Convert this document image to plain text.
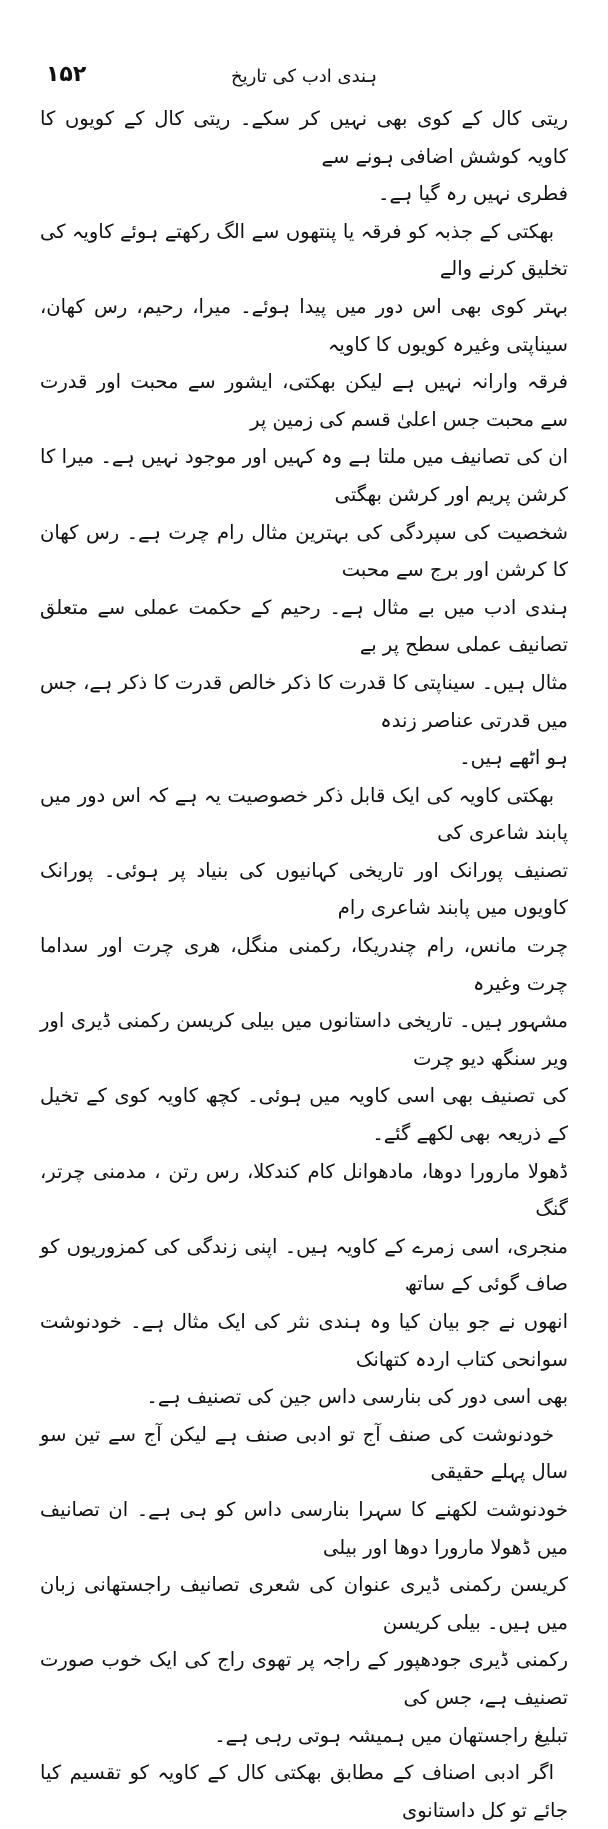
ہندی ادب کی تاریخ
۱۵۲

ریتی کال کے کوی بھی نہیں کر سکے۔ ریتی کال کے کویوں کا کاویہ کوشش اضافی ہونے سے

فطری نہیں رہ گیا ہے۔

بھکتی کے جذبہ کو فرقہ یا پنتھوں سے الگ رکھتے ہوئے کاویہ کی تخلیق کرنے والے

بہتر کوی بھی اس دور میں پیدا ہوئے۔ میرا، رحیم، رس کھان، سیناپتی وغیرہ کویوں کا کاویہ

فرقہ وارانہ نہیں ہے لیکن بھکتی، ایشور سے محبت اور قدرت سے محبت جس اعلیٰ قسم کی زمین پر

ان کی تصانیف میں ملتا ہے وہ کہیں اور موجود نہیں ہے۔ میرا کا کرشن پریم اور کرشن بھگتی

شخصیت کی سپردگی کی بہترین مثال رام چرت ہے۔ رس کھان کا کرشن اور برج سے محبت

ہندی ادب میں بے مثال ہے۔ رحیم کے حکمت عملی سے متعلق تصانیف عملی سطح پر بے

مثال ہیں۔ سیناپتی کا قدرت کا ذکر خالص قدرت کا ذکر ہے، جس میں قدرتی عناصر زندہ

ہو اٹھے ہیں۔

بھکتی کاویہ کی ایک قابل ذکر خصوصیت یہ ہے کہ اس دور میں پابند شاعری کی

تصنیف پورانک اور تاریخی کہانیوں کی بنیاد پر ہوئی۔ پورانک کاویوں میں پابند شاعری رام

چرت مانس، رام چندریکا، رکمنی منگل، ھری چرت اور سداما چرت وغیرہ

مشہور ہیں۔ تاریخی داستانوں میں بیلی کریسن رکمنی ڈیری اور ویر سنگھ دیو چرت

کی تصنیف بھی اسی کاویہ میں ہوئی۔ کچھ کاویہ کوی کے تخیل کے ذریعہ بھی لکھے گئے۔

ڈھولا مارورا دوھا، مادھوانل کام کندکلا، رس رتن ، مدمنی چرتر، گنگ

منجری، اسی زمرے کے کاویہ ہیں۔ اپنی زندگی کی کمزوریوں کو صاف گوئی کے ساتھ

انھوں نے جو بیان کیا وہ ہندی نثر کی ایک مثال ہے۔ خودنوشت سوانحی کتاب اردہ کتھانک

بھی اسی دور کی بنارسی داس جین کی تصنیف ہے۔

خودنوشت کی صنف آج تو ادبی صنف ہے لیکن آج سے تین سو سال پہلے حقیقی

خودنوشت لکھنے کا سہرا بنارسی داس کو ہی ہے۔ ان تصانیف میں ڈھولا مارورا دوھا اور بیلی

کریسن رکمنی ڈیری عنوان کی شعری تصانیف راجستھانی زبان میں ہیں۔ بیلی کریسن

رکمنی ڈیری جودھپور کے راجہ پر تھوی راج کی ایک خوب صورت تصنیف ہے، جس کی

تبلیغ راجستھان میں ہمیشہ ہوتی رہی ہے۔

اگر ادبی اصناف کے مطابق بھکتی کال کے کاویہ کو تقسیم کیا جائے تو کل داستانوی
